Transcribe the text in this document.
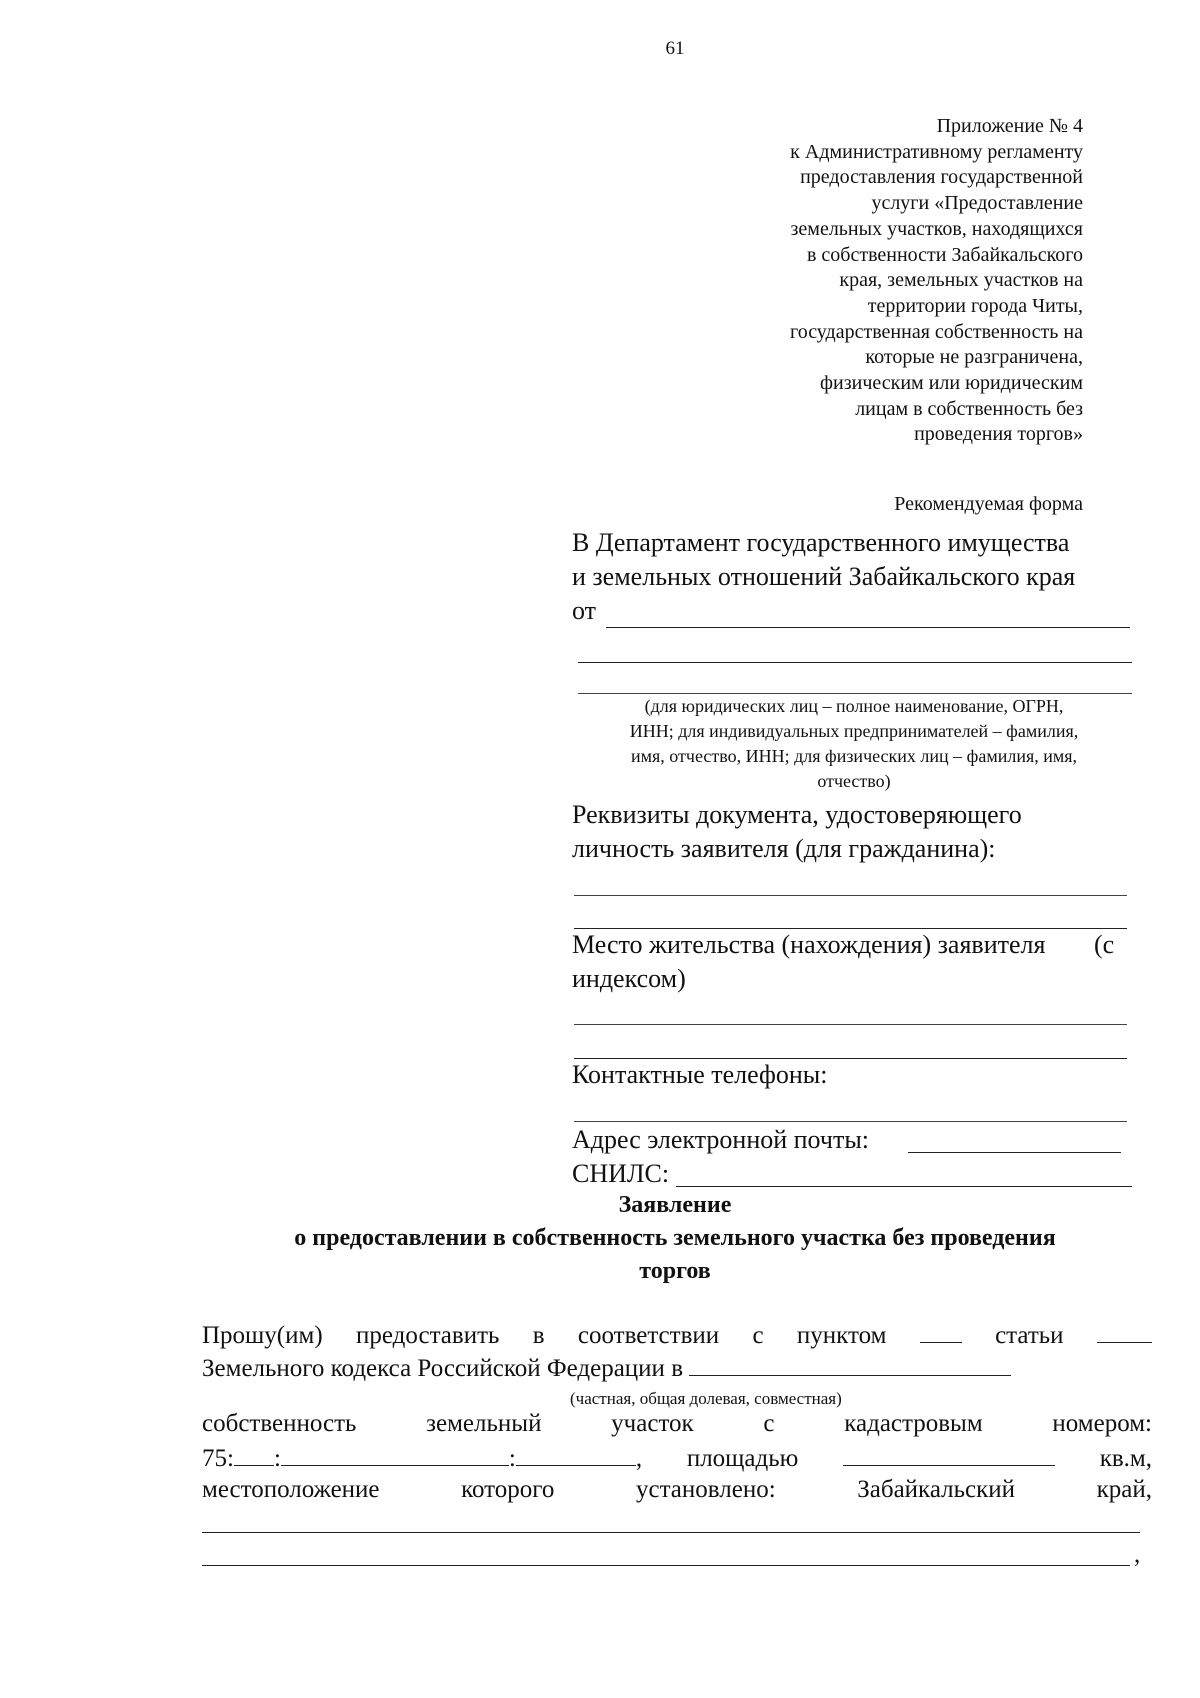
61
Приложение № 4
к Административному регламенту
предоставления государственной
услуги «Предоставление
земельных участков, находящихся
в собственности Забайкальского
края, земельных участков на
территории города Читы,
государственная собственность на
которые не разграничена,
физическим или юридическим
лицам в собственность без
проведения торгов»
Рекомендуемая форма
В Департамент государственного имущества
и земельных отношений Забайкальского края
от
(для юридических лиц – полное наименование, ОГРН,
ИНН; для индивидуальных предпринимателей – фамилия,
имя, отчество, ИНН; для физических лиц – фамилия, имя,
отчество)
Реквизиты документа, удостоверяющего
личность заявителя (для гражданина):
Место жительства (нахождения) заявителя (с
индексом)
Контактные телефоны:
Адрес электронной почты:
СНИЛС:
Заявление
о предоставлении в собственность земельного участка без проведения
торгов
Прошу(им) предоставить в соответствии с пунктом	статьи
Земельного кодекса Российской Федерации в
(частная, общая долевая, совместная)
собственность	земельный	участок	с	кадастровым	номером:
75: :	:	, площадью	кв.м,
местоположение	которого	установлено:	Забайкальский	край,
,
